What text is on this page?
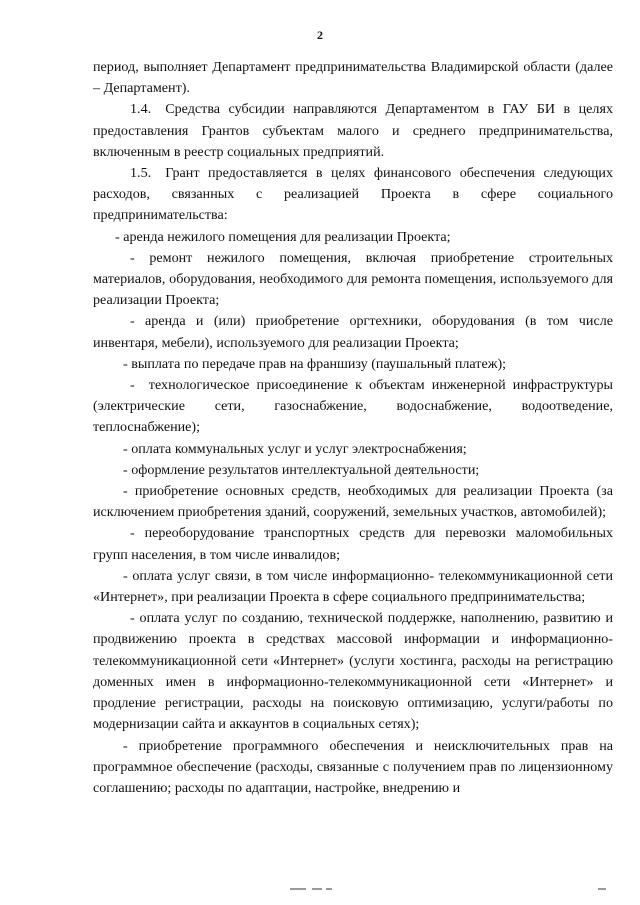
2

период, выполняет Департамент предпринимательства Владимирской области (далее – Департамент).

1.4. Средства субсидии направляются Департаментом в ГАУ БИ в целях предоставления Грантов субъектам малого и среднего предпринимательства, включенным в реестр социальных предприятий.

1.5. Грант предоставляется в целях финансового обеспечения следующих расходов, связанных с реализацией Проекта в сфере социального предпринимательства:

- аренда нежилого помещения для реализации Проекта;

- ремонт нежилого помещения, включая приобретение строительных материалов, оборудования, необходимого для ремонта помещения, используемого для реализации Проекта;

- аренда и (или) приобретение оргтехники, оборудования (в том числе инвентаря, мебели), используемого для реализации Проекта;

- выплата по передаче прав на франшизу (паушальный платеж);

- технологическое присоединение к объектам инженерной инфраструктуры (электрические сети, газоснабжение, водоснабжение, водоотведение, теплоснабжение);

- оплата коммунальных услуг и услуг электроснабжения;

- оформление результатов интеллектуальной деятельности;

- приобретение основных средств, необходимых для реализации Проекта (за исключением приобретения зданий, сооружений, земельных участков, автомобилей);

- переоборудование транспортных средств для перевозки маломобильных групп населения, в том числе инвалидов;

- оплата услуг связи, в том числе информационно- телекоммуникационной сети «Интернет», при реализации Проекта в сфере социального предпринимательства;

- оплата услуг по созданию, технической поддержке, наполнению, развитию и продвижению проекта в средствах массовой информации и информационно-телекоммуникационной сети «Интернет» (услуги хостинга, расходы на регистрацию доменных имен в информационно-телекоммуникационной сети «Интернет» и продление регистрации, расходы на поисковую оптимизацию, услуги/работы по модернизации сайта и аккаунтов в социальных сетях);

- приобретение программного обеспечения и неисключительных прав на программное обеспечение (расходы, связанные с получением прав по лицензионному соглашению; расходы по адаптации, настройке, внедрению и
